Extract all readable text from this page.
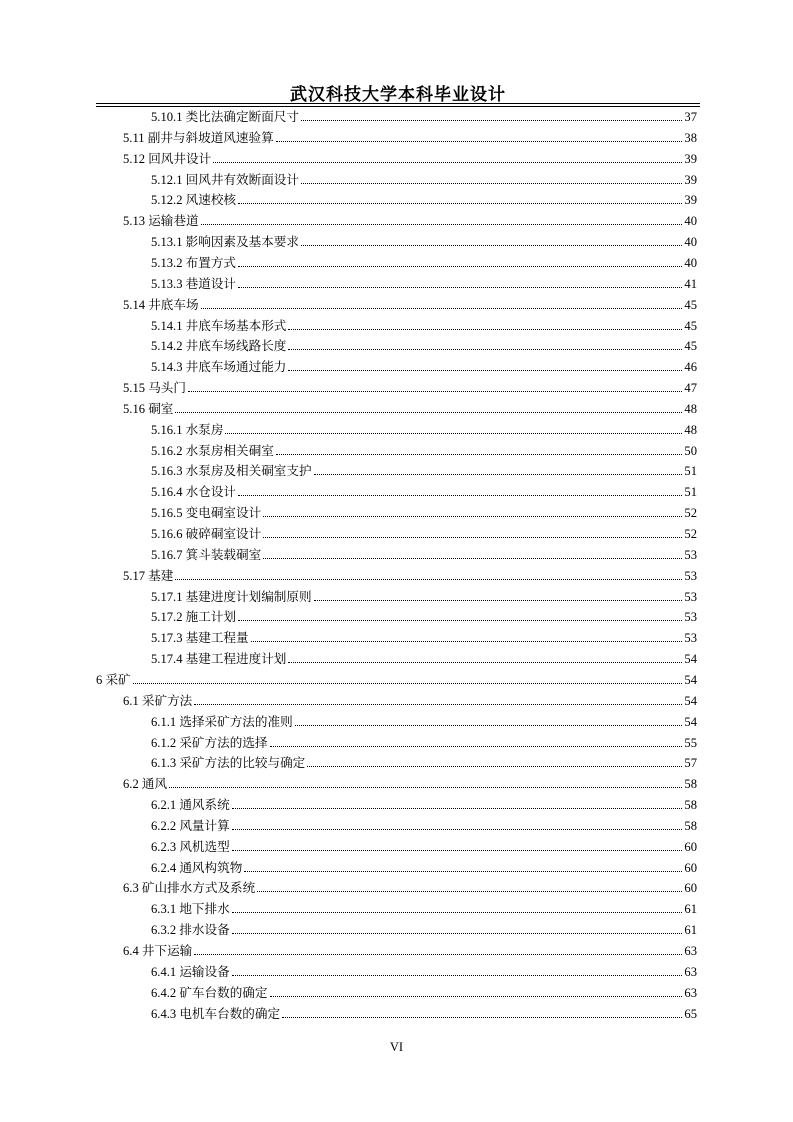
武汉科技大学本科毕业设计
5.10.1 类比法确定断面尺寸	37
5.11 副井与斜坡道风速验算	38
5.12 回风井设计	39
5.12.1 回风井有效断面设计	39
5.12.2 风速校核	39
5.13 运输巷道	40
5.13.1 影响因素及基本要求	40
5.13.2 布置方式	40
5.13.3 巷道设计	41
5.14 井底车场	45
5.14.1 井底车场基本形式	45
5.14.2 井底车场线路长度	45
5.14.3 井底车场通过能力	46
5.15 马头门	47
5.16 硐室	48
5.16.1 水泵房	48
5.16.2 水泵房相关硐室	50
5.16.3 水泵房及相关硐室支护	51
5.16.4 水仓设计	51
5.16.5 变电硐室设计	52
5.16.6 破碎硐室设计	52
5.16.7 箕斗装载硐室	53
5.17 基建	53
5.17.1 基建进度计划编制原则	53
5.17.2 施工计划	53
5.17.3 基建工程量	53
5.17.4 基建工程进度计划	54
6 采矿	54
6.1 采矿方法	54
6.1.1 选择采矿方法的准则	54
6.1.2 采矿方法的选择	55
6.1.3 采矿方法的比较与确定	57
6.2 通风	58
6.2.1 通风系统	58
6.2.2 风量计算	58
6.2.3 风机选型	60
6.2.4 通风构筑物	60
6.3 矿山排水方式及系统	60
6.3.1 地下排水	61
6.3.2 排水设备	61
6.4 井下运输	63
6.4.1 运输设备	63
6.4.2 矿车台数的确定	63
6.4.3 电机车台数的确定	65
VI
